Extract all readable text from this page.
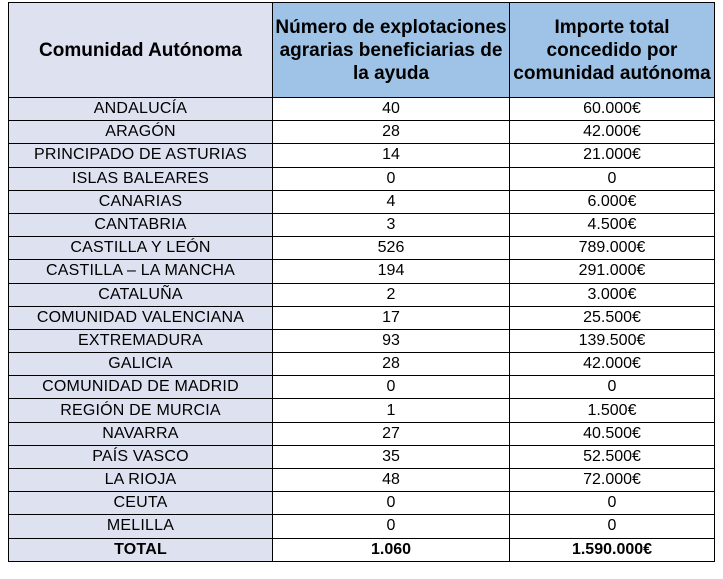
Comunidad Autónoma	Número de explotaciones agrarias beneficiarias de la ayuda	Importe total concedido por comunidad autónoma
ANDALUCÍA	40	60.000€
ARAGÓN	28	42.000€
PRINCIPADO DE ASTURIAS	14	21.000€
ISLAS BALEARES	0	0
CANARIAS	4	6.000€
CANTABRIA	3	4.500€
CASTILLA Y LEÓN	526	789.000€
CASTILLA – LA MANCHA	194	291.000€
CATALUÑA	2	3.000€
COMUNIDAD VALENCIANA	17	25.500€
EXTREMADURA	93	139.500€
GALICIA	28	42.000€
COMUNIDAD DE MADRID	0	0
REGIÓN DE MURCIA	1	1.500€
NAVARRA	27	40.500€
PAÍS VASCO	35	52.500€
LA RIOJA	48	72.000€
CEUTA	0	0
MELILLA	0	0
TOTAL	1.060	1.590.000€
